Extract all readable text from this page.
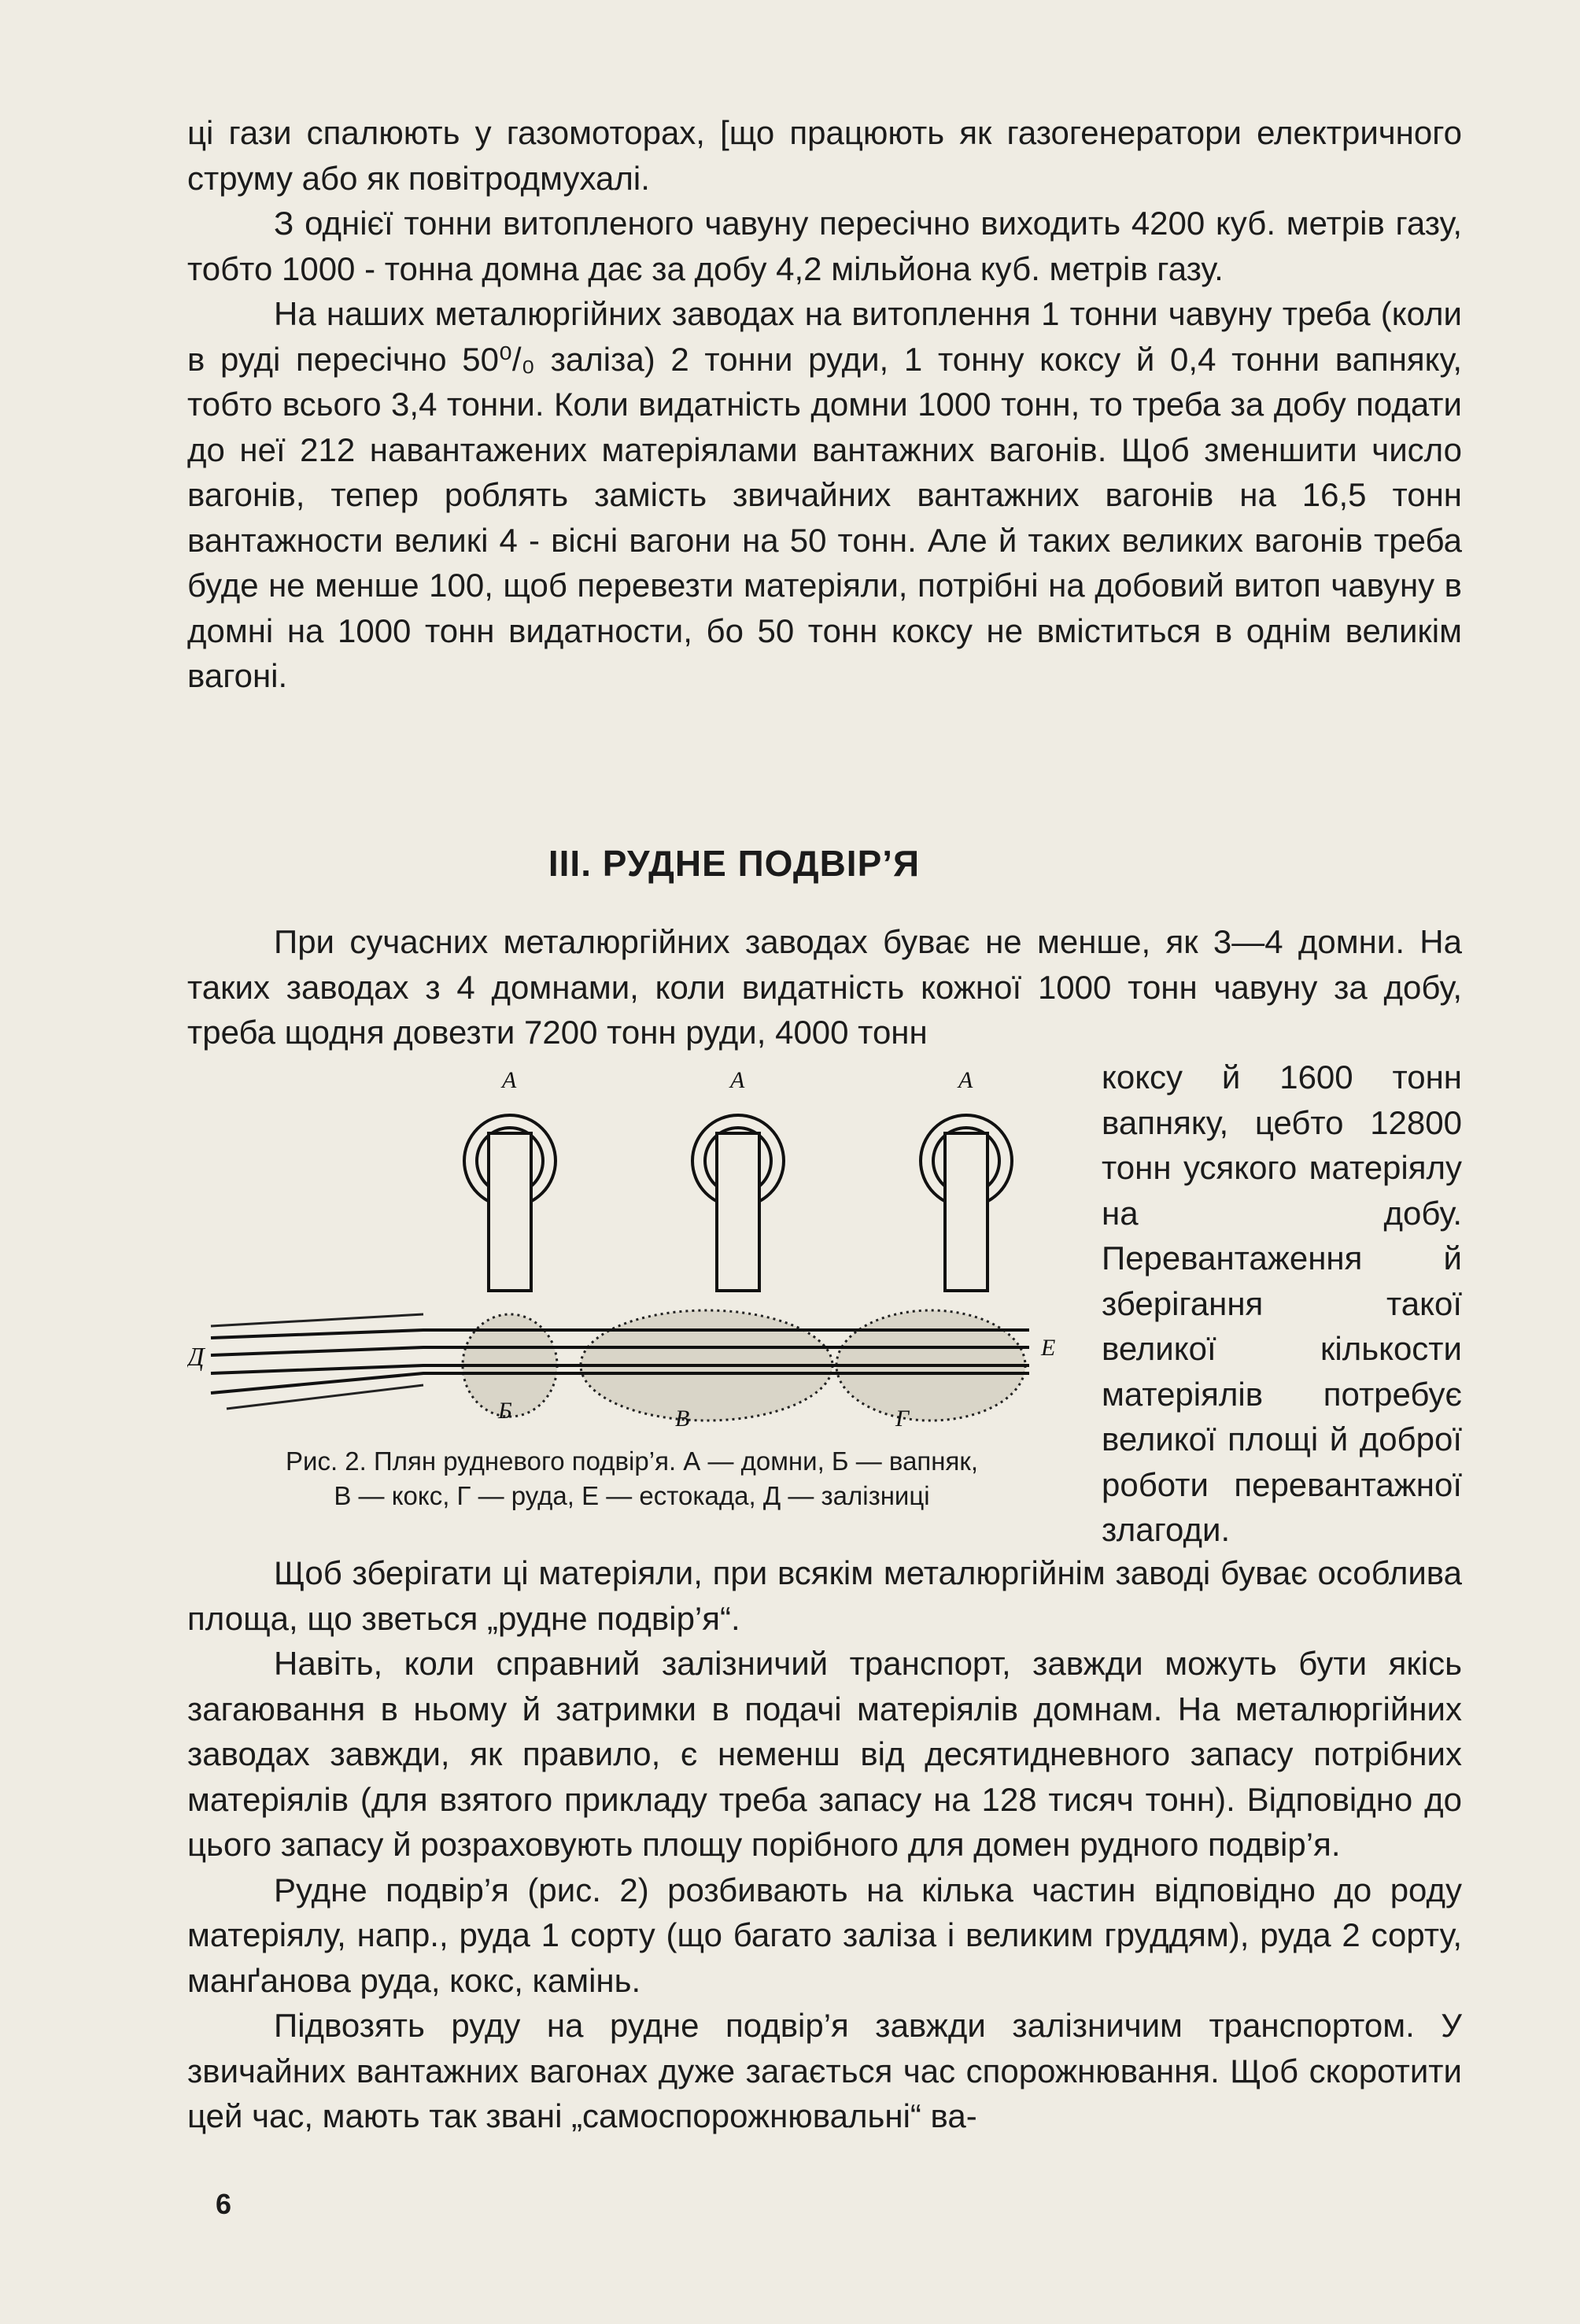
ці гази спалюють у газомоторах, [що працюють як газогенератори електричного струму або як повітродмухалі.

З однієї тонни витопленого чавуну пересічно виходить 4200 куб. метрів газу, тобто 1000 - тонна домна дає за добу 4,2 мільйона куб. метрів газу.

На наших металюргійних заводах на витоплення 1 тонни чавуну треба (коли в руді пересічно 50⁰/₀ заліза) 2 тонни руди, 1 тонну коксу й 0,4 тонни вапняку, тобто всього 3,4 тонни. Коли видатність домни 1000 тонн, то треба за добу подати до неї 212 навантажених матеріялами вантажних вагонів. Щоб зменшити число вагонів, тепер роблять замість звичайних вантажних вагонів на 16,5 тонн вантажности великі 4 - вісні вагони на 50 тонн. Але й таких великих вагонів треба буде не менше 100, щоб перевезти матеріяли, потрібні на добовий витоп чавуну в домні на 1000 тонн видатности, бо 50 тонн коксу не вміститься в однім великім вагоні.

III. РУДНЕ ПОДВІР’Я

При сучасних металюргійних заводах буває не менше, як 3—4 домни. На таких заводах з 4 домнами, коли видатність кожної 1000 тонн чавуну за добу, треба щодня довезти 7200 тонн руди, 4000 тонн

А	А	А
Д
Б	В	Г
Е
Рис. 2. Плян рудневого подвір’я. А — домни, Б — вапняк,
В — кокс, Г — руда, Е — естокада, Д — залізниці
коксу й 1600 тонн вапняку, цебто 12800 тонн усякого матеріялу на добу. Перевантаження й зберігання такої великої кількости матеріялів потребує великої площі й доброї роботи перевантажної злагоди.

Щоб зберігати ці матеріяли, при всякім металюргійнім заводі буває особлива площа, що зветься „рудне подвір’я“.

Навіть, коли справний залізничий транспорт, завжди можуть бути якісь загаювання в ньому й затримки в подачі матеріялів домнам. На металюргійних заводах завжди, як правило, є неменш від десятидневного запасу потрібних матеріялів (для взятого прикладу треба запасу на 128 тисяч тонн). Відповідно до цього запасу й розраховують площу порібного для домен рудного подвір’я.

Рудне подвір’я (рис. 2) розбивають на кілька частин відповідно до роду матеріялу, напр., руда 1 сорту (що багато заліза і великим груддям), руда 2 сорту, манґанова руда, кокс, камінь.

Підвозять руду на рудне подвір’я завжди залізничим транспортом. У звичайних вантажних вагонах дуже загається час спорожнювання. Щоб скоротити цей час, мають так звані „самоспорожнювальні“ ва-

6
